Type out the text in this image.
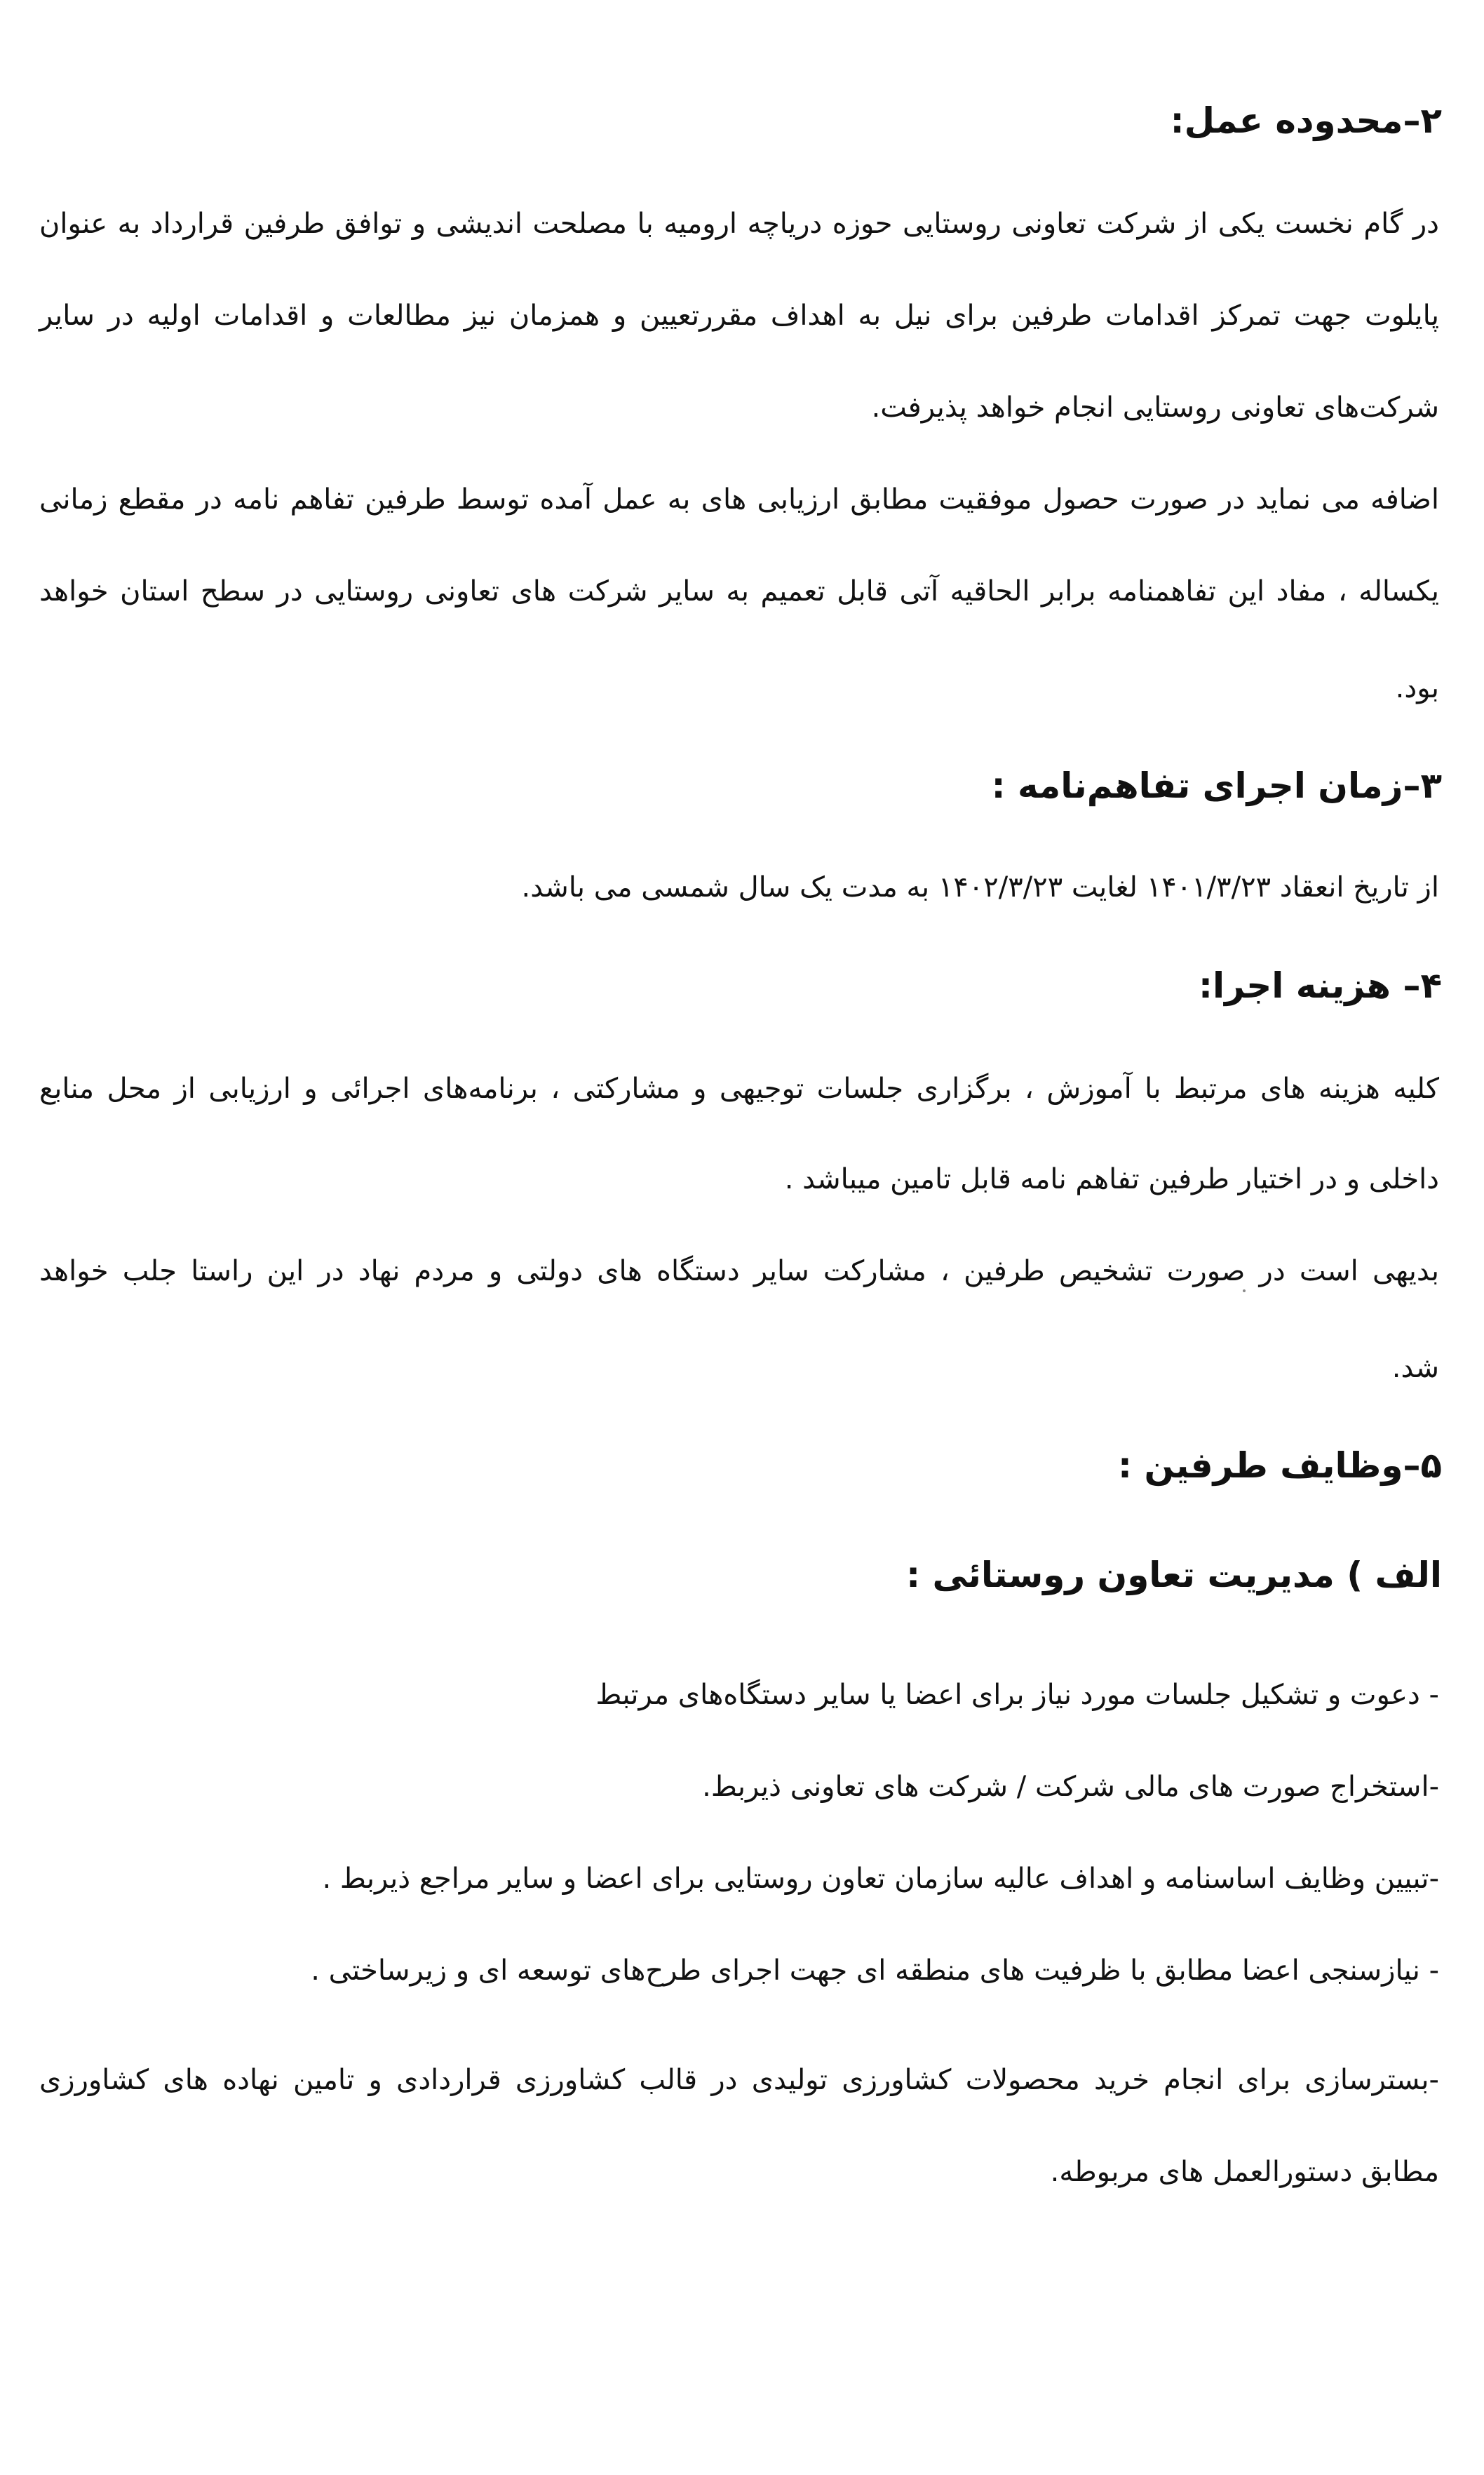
۲–محدوده عمل:
در گام نخست یکی از شرکت تعاونی روستایی حوزه دریاچه ارومیه با مصلحت اندیشی و توافق طرفین قرارداد به عنوان
پایلوت جهت تمرکز اقدامات طرفین برای نیل به اهداف مقررتعیین و همزمان نیز مطالعات و اقدامات اولیه در سایر
شرکت‌های تعاونی روستایی انجام خواهد پذیرفت.
اضافه می نماید در صورت حصول موفقیت مطابق ارزیابی های به عمل آمده توسط طرفین تفاهم نامه در مقطع زمانی
یکساله ، مفاد این تفاهمنامه برابر الحاقیه آتی قابل تعمیم به سایر شرکت های تعاونی روستایی در سطح استان خواهد
بود.
۳–زمان اجرای تفاهم‌نامه :
از تاریخ انعقاد ۱۴۰۱/۳/۲۳ لغایت ۱۴۰۲/۳/۲۳ به مدت یک سال شمسی می باشد.
۴– هزینه اجرا:
کلیه هزینه های مرتبط با آموزش ، برگزاری جلسات توجیهی و مشارکتی ، برنامه‌های اجرائی و ارزیابی از محل منابع
داخلی و در اختیار طرفین تفاهم نامه قابل تامین میباشد .
بدیهی است در صورت تشخیص طرفین ، مشارکت سایر دستگاه های دولتی و مردم نهاد در این راستا جلب خواهد
شد.
۵–وظایف طرفین :
الف ) مدیریت تعاون روستائی :
- دعوت و تشکیل جلسات مورد نیاز برای اعضا یا سایر دستگاه‌های مرتبط
-استخراج صورت های مالی شرکت / شرکت های تعاونی ذیربط.
-تبیین وظایف اساسنامه و اهداف عالیه سازمان تعاون روستایی برای اعضا و سایر مراجع ذیربط .
- نیازسنجی اعضا مطابق با ظرفیت های منطقه ای جهت اجرای طرح‌های توسعه ای و زیرساختی .
-بسترسازی برای انجام خرید محصولات کشاورزی تولیدی در قالب کشاورزی قراردادی و تامین نهاده های کشاورزی
مطابق دستورالعمل های مربوطه.
